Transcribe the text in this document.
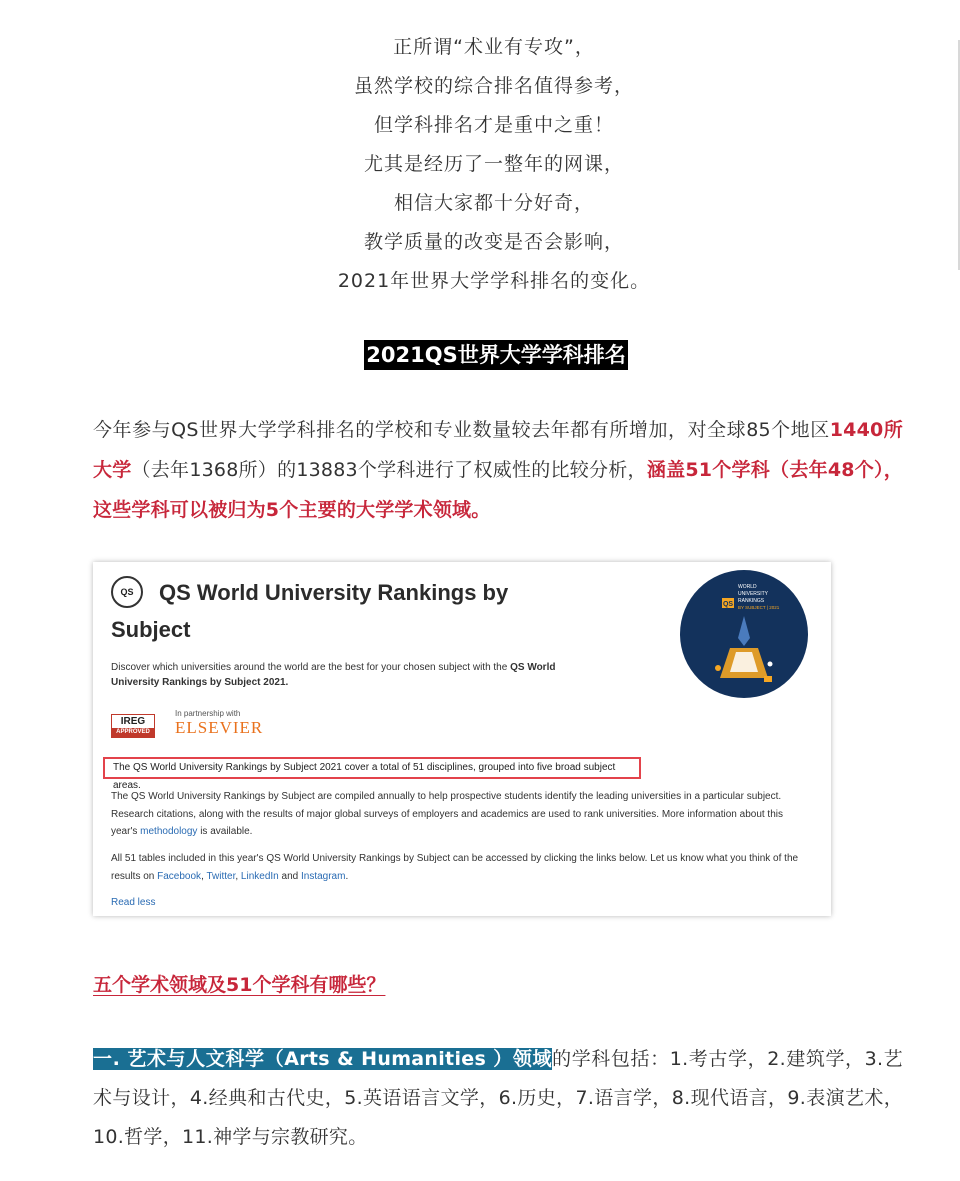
正所谓“术业有专攻”，
虽然学校的综合排名值得参考，
但学科排名才是重中之重！
尤其是经历了一整年的网课，
相信大家都十分好奇，
教学质量的改变是否会影响，
2021年世界大学学科排名的变化。
2021QS世界大学学科排名
今年参与QS世界大学学科排名的学校和专业数量较去年都有所增加，对全球85个地区1440所大学（去年1368所）的13883个学科进行了权威性的比较分析，涵盖51个学科（去年48个），这些学科可以被归为5个主要的大学学术领域。
QS	QS World University Rankings by Subject
Discover which universities around the world are the best for your chosen subject with the QS World University Rankings by Subject 2021.
IREG
APPROVED
In partnership with
ELSEVIER
QS
WORLD
UNIVERSITY
RANKINGS
BY SUBJECT | 2021
The QS World University Rankings by Subject 2021 cover a total of 51 disciplines, grouped into five broad subject areas.
The QS World University Rankings by Subject are compiled annually to help prospective students identify the leading universities in a particular subject. Research citations, along with the results of major global surveys of employers and academics are used to rank universities. More information about this year's methodology is available.
All 51 tables included in this year's QS World University Rankings by Subject can be accessed by clicking the links below. Let us know what you think of the results on Facebook, Twitter, LinkedIn and Instagram.
Read less
五个学术领域及51个学科有哪些？
一. 艺术与人文科学（Arts & Humanities ）领域的学科包括：1.考古学，2.建筑学，3.艺术与设计，4.经典和古代史，5.英语语言文学，6.历史，7.语言学，8.现代语言，9.表演艺术，10.哲学，11.神学与宗教研究。
